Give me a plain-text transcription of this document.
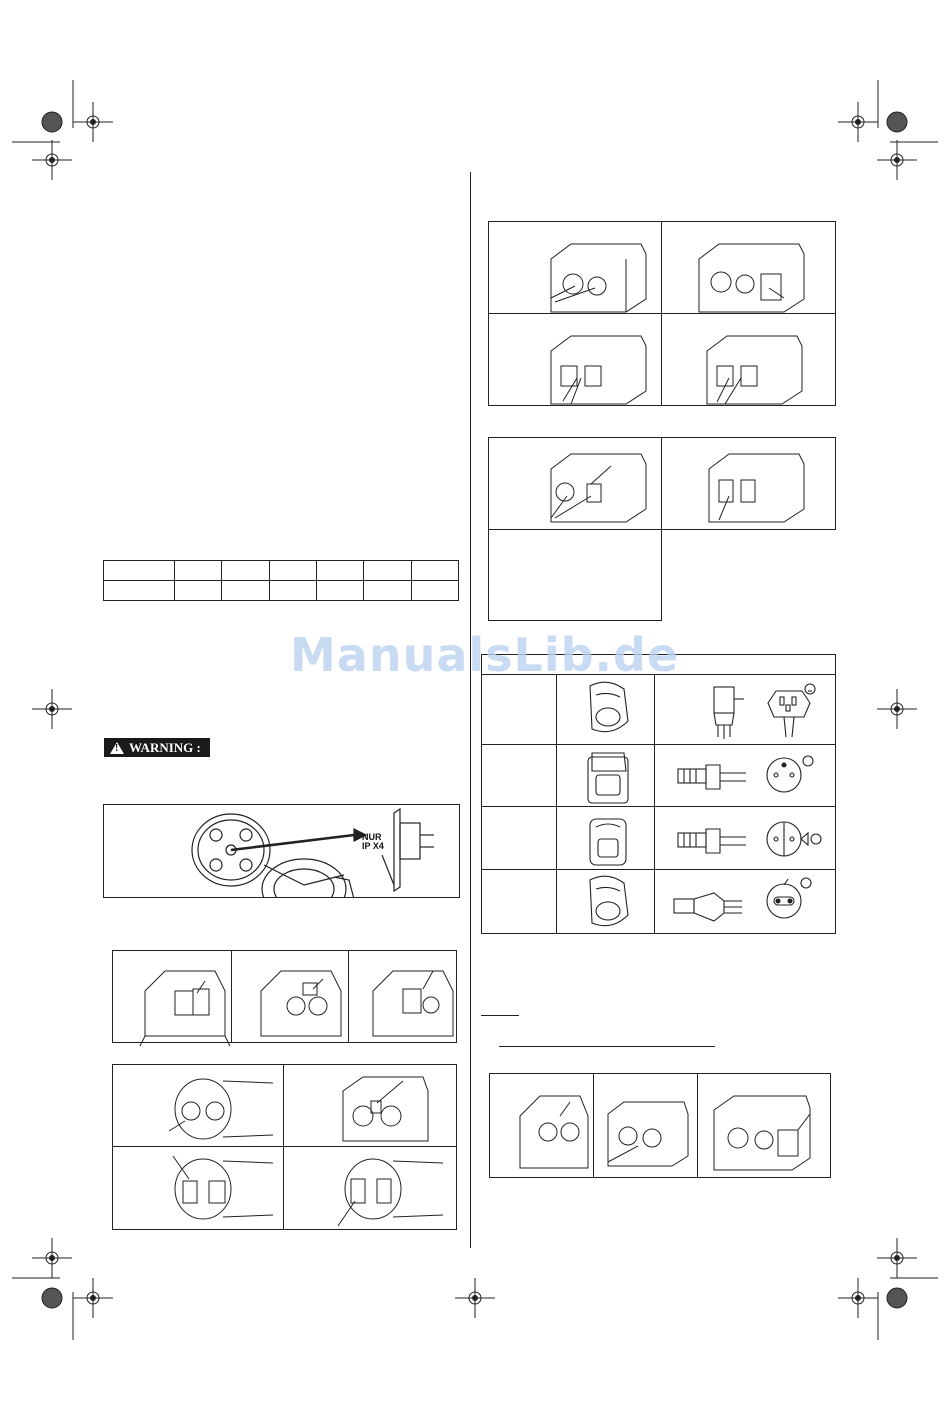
! WARNING :
NUR
IP X4
ManualsLib.de
